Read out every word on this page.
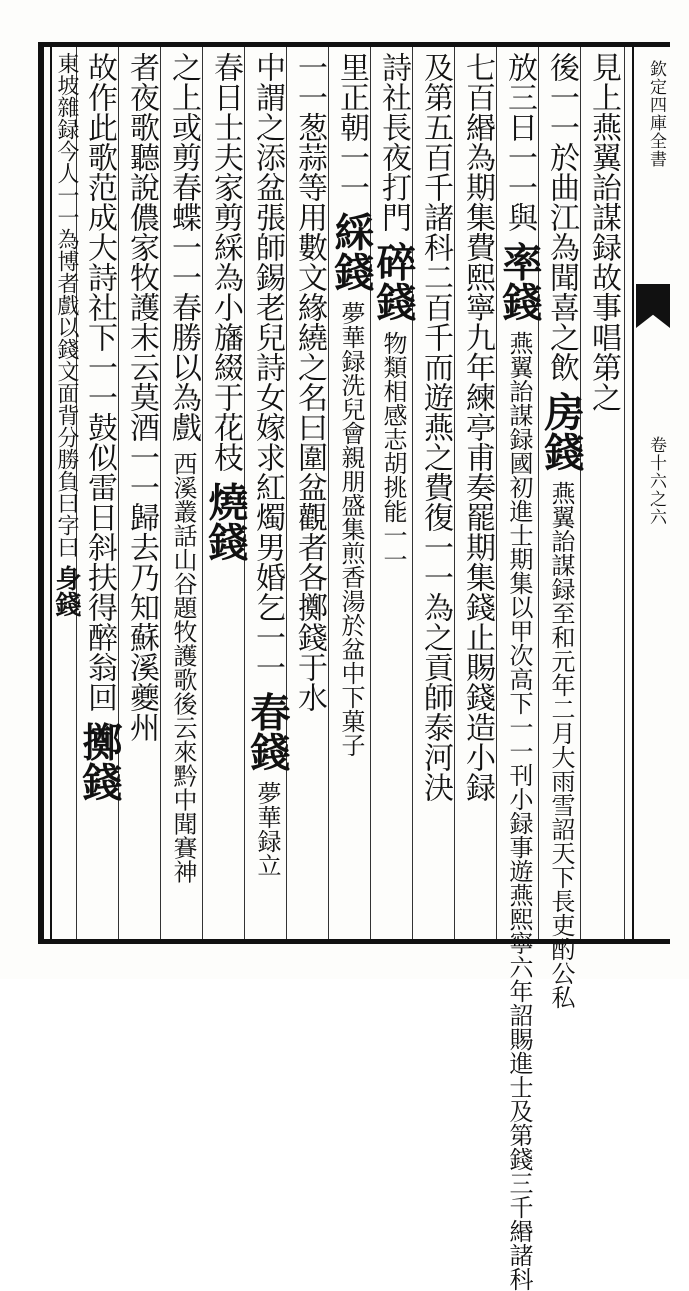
欽定四庫全書
卷十六之六
見上燕翼詒謀録故事唱第之
後一一於曲江為聞喜之飲 房錢 燕翼詒謀録至和元年二月大雨雪詔天下長吏酌公私
放三日一一與 率錢 燕翼詒謀録國初進士期集以甲次高下一一刊小録事遊燕熙寧六年詔賜進士及第錢三千緡諸科
七百緡為期集費熙寧九年練亭甫奏罷期集錢止賜錢造小録
及第五百千諸科二百千而遊燕之費復一一為之貢師泰河決
詩社長夜打門 碎錢 物類相感志胡挑能一一
里正朝一一 綵錢 夢華録洗兒會親朋盛集煎香湯於盆中下菓子
一一葱蒜等用數文緣繞之名曰圍盆觀者各擲錢于水
中謂之添盆張師錫老兒詩女嫁求紅燭男婚乞一一 春錢 夢華録立
春日士夫家剪綵為小旛綴于花枝 燒錢
之上或剪春蝶一一春勝以為戲 西溪叢話山谷題牧護歌後云來黔中聞賽神
者夜歌聽說儂家牧護末云莫酒一一歸去乃知蘇溪夔州
故作此歌范成大詩社下一一鼓似雷日斜扶得醉翁回 擲錢
東坡雜録今人一一為博者戲以錢文面背分勝負曰字曰 身錢
